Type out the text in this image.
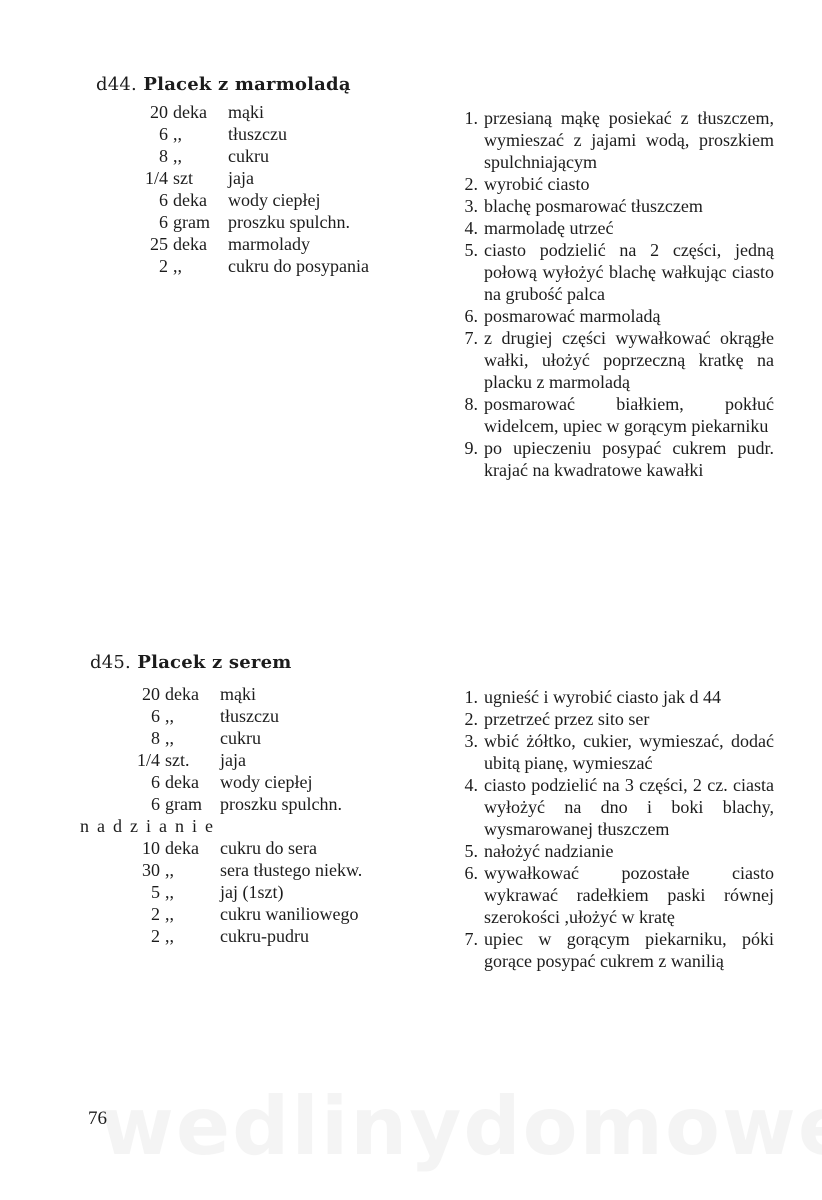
d44. Placek z marmoladą
20 deka	mąki
6 ,,	tłuszczu
8 ,,	cukru
1/4 szt	jaja
6 deka	wody ciepłej
6 gram	proszku spulchn.
25 deka	marmolady
2 ,,	cukru do posypania
1. przesianą mąkę posiekać z tłuszczem, wymieszać z jajami wodą, proszkiem spulchniającym
2. wyrobić ciasto
3. blachę posmarować tłuszczem
4. marmoladę utrzeć
5. ciasto podzielić na 2 części, jedną połową wyłożyć blachę wałkując ciasto na grubość palca
6. posmarować marmoladą
7. z drugiej części wywałkować okrągłe wałki, ułożyć poprzeczną kratkę na placku z marmoladą
8. posmarować białkiem, pokłuć widelcem, upiec w gorącym piekarniku
9. po upieczeniu posypać cukrem pudr. krajać na kwadratowe kawałki
d45. Placek z serem
20 deka	mąki
6 ,,	tłuszczu
8 ,,	cukru
1/4 szt.	jaja
6 deka	wody ciepłej
6 gram	proszku spulchn.
nadzianie
10 deka	cukru do sera
30 ,,	sera tłustego niekw.
5 ,,	jaj (1szt)
2 ,,	cukru waniliowego
2 ,,	cukru-pudru
1. ugnieść i wyrobić ciasto jak d 44
2. przetrzeć przez sito ser
3. wbić żółtko, cukier, wymieszać, dodać ubitą pianę, wymieszać
4. ciasto podzielić na 3 części, 2 cz. ciasta wyłożyć na dno i boki blachy, wysmarowanej tłuszczem
5. nałożyć nadzianie
6. wywałkować pozostałe ciasto wykrawać radełkiem paski równej szerokości ,ułożyć w kratę
7. upiec w gorącym piekarniku, póki gorące posypać cukrem z wanilią
76
